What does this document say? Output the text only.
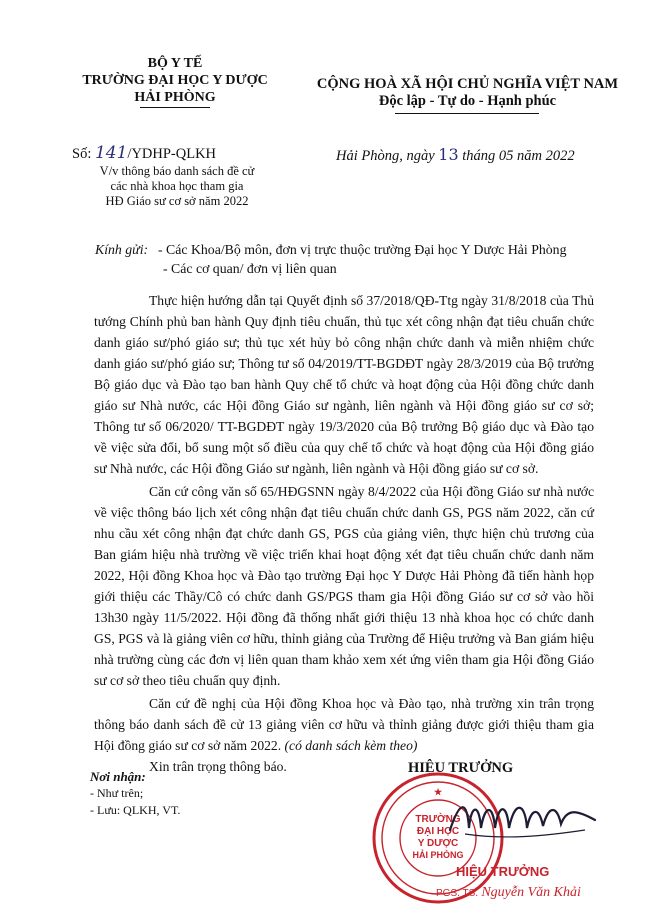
BỘ Y TẾ
TRƯỜNG ĐẠI HỌC Y DƯỢC
HẢI PHÒNG
Số: 141/YDHP-QLKH
V/v thông báo danh sách đề cử
các nhà khoa học tham gia
HĐ Giáo sư cơ sở năm 2022
CỘNG HOÀ XÃ HỘI CHỦ NGHĨA VIỆT NAM
Độc lập - Tự do - Hạnh phúc
Hải Phòng, ngày 13 tháng 05 năm 2022
Kính gửi: - Các Khoa/Bộ môn, đơn vị trực thuộc trường Đại học Y Dược Hải Phòng
- Các cơ quan/ đơn vị liên quan

Thực hiện hướng dẫn tại Quyết định số 37/2018/QĐ-Ttg ngày 31/8/2018 của Thủ tướng Chính phủ ban hành Quy định tiêu chuẩn, thủ tục xét công nhận đạt tiêu chuẩn chức danh giáo sư/phó giáo sư; thủ tục xét hủy bỏ công nhận chức danh và miễn nhiệm chức danh giáo sư/phó giáo sư; Thông tư số 04/2019/TT-BGDĐT ngày 28/3/2019 của Bộ trưởng Bộ giáo dục và Đào tạo ban hành Quy chế tổ chức và hoạt động của Hội đồng chức danh giáo sư Nhà nước, các Hội đồng Giáo sư ngành, liên ngành và Hội đồng giáo sư cơ sở; Thông tư số 06/2020/ TT-BGDĐT ngày 19/3/2020 của Bộ trưởng Bộ giáo dục và Đào tạo về việc sửa đổi, bổ sung một số điều của quy chế tổ chức và hoạt động của Hội đồng giáo sư Nhà nước, các Hội đồng Giáo sư ngành, liên ngành và Hội đồng giáo sư cơ sở.

Căn cứ công văn số 65/HĐGSNN ngày 8/4/2022 của Hội đồng Giáo sư nhà nước về việc thông báo lịch xét công nhận đạt tiêu chuẩn chức danh GS, PGS năm 2022, căn cứ nhu cầu xét công nhận đạt chức danh GS, PGS của giảng viên, thực hiện chủ trương của Ban giám hiệu nhà trường về việc triển khai hoạt động xét đạt tiêu chuẩn chức danh năm 2022, Hội đồng Khoa học và Đào tạo trường Đại học Y Dược Hải Phòng đã tiến hành họp giới thiệu các Thầy/Cô có chức danh GS/PGS tham gia Hội đồng Giáo sư cơ sở vào hồi 13h30 ngày 11/5/2022. Hội đồng đã thống nhất giới thiệu 13 nhà khoa học có chức danh GS, PGS và là giảng viên cơ hữu, thỉnh giảng của Trường để Hiệu trưởng và Ban giám hiệu nhà trường cùng các đơn vị liên quan tham khảo xem xét ứng viên tham gia Hội đồng Giáo sư cơ sở theo tiêu chuẩn quy định.

Căn cứ đề nghị của Hội đồng Khoa học và Đào tạo, nhà trường xin trân trọng thông báo danh sách đề cử 13 giảng viên cơ hữu và thỉnh giảng được giới thiệu tham gia Hội đồng giáo sư cơ sở năm 2022. (có danh sách kèm theo)

Xin trân trọng thông báo.

Nơi nhận:
- Như trên;
- Lưu: QLKH, VT.
HIỆU TRƯỞNG
TRƯỜNG
ĐẠI HỌC
Y DƯỢC
HẢI PHÒNG
★
HIỆU TRƯỞNG
PGS. TS. Nguyễn Văn Khải
